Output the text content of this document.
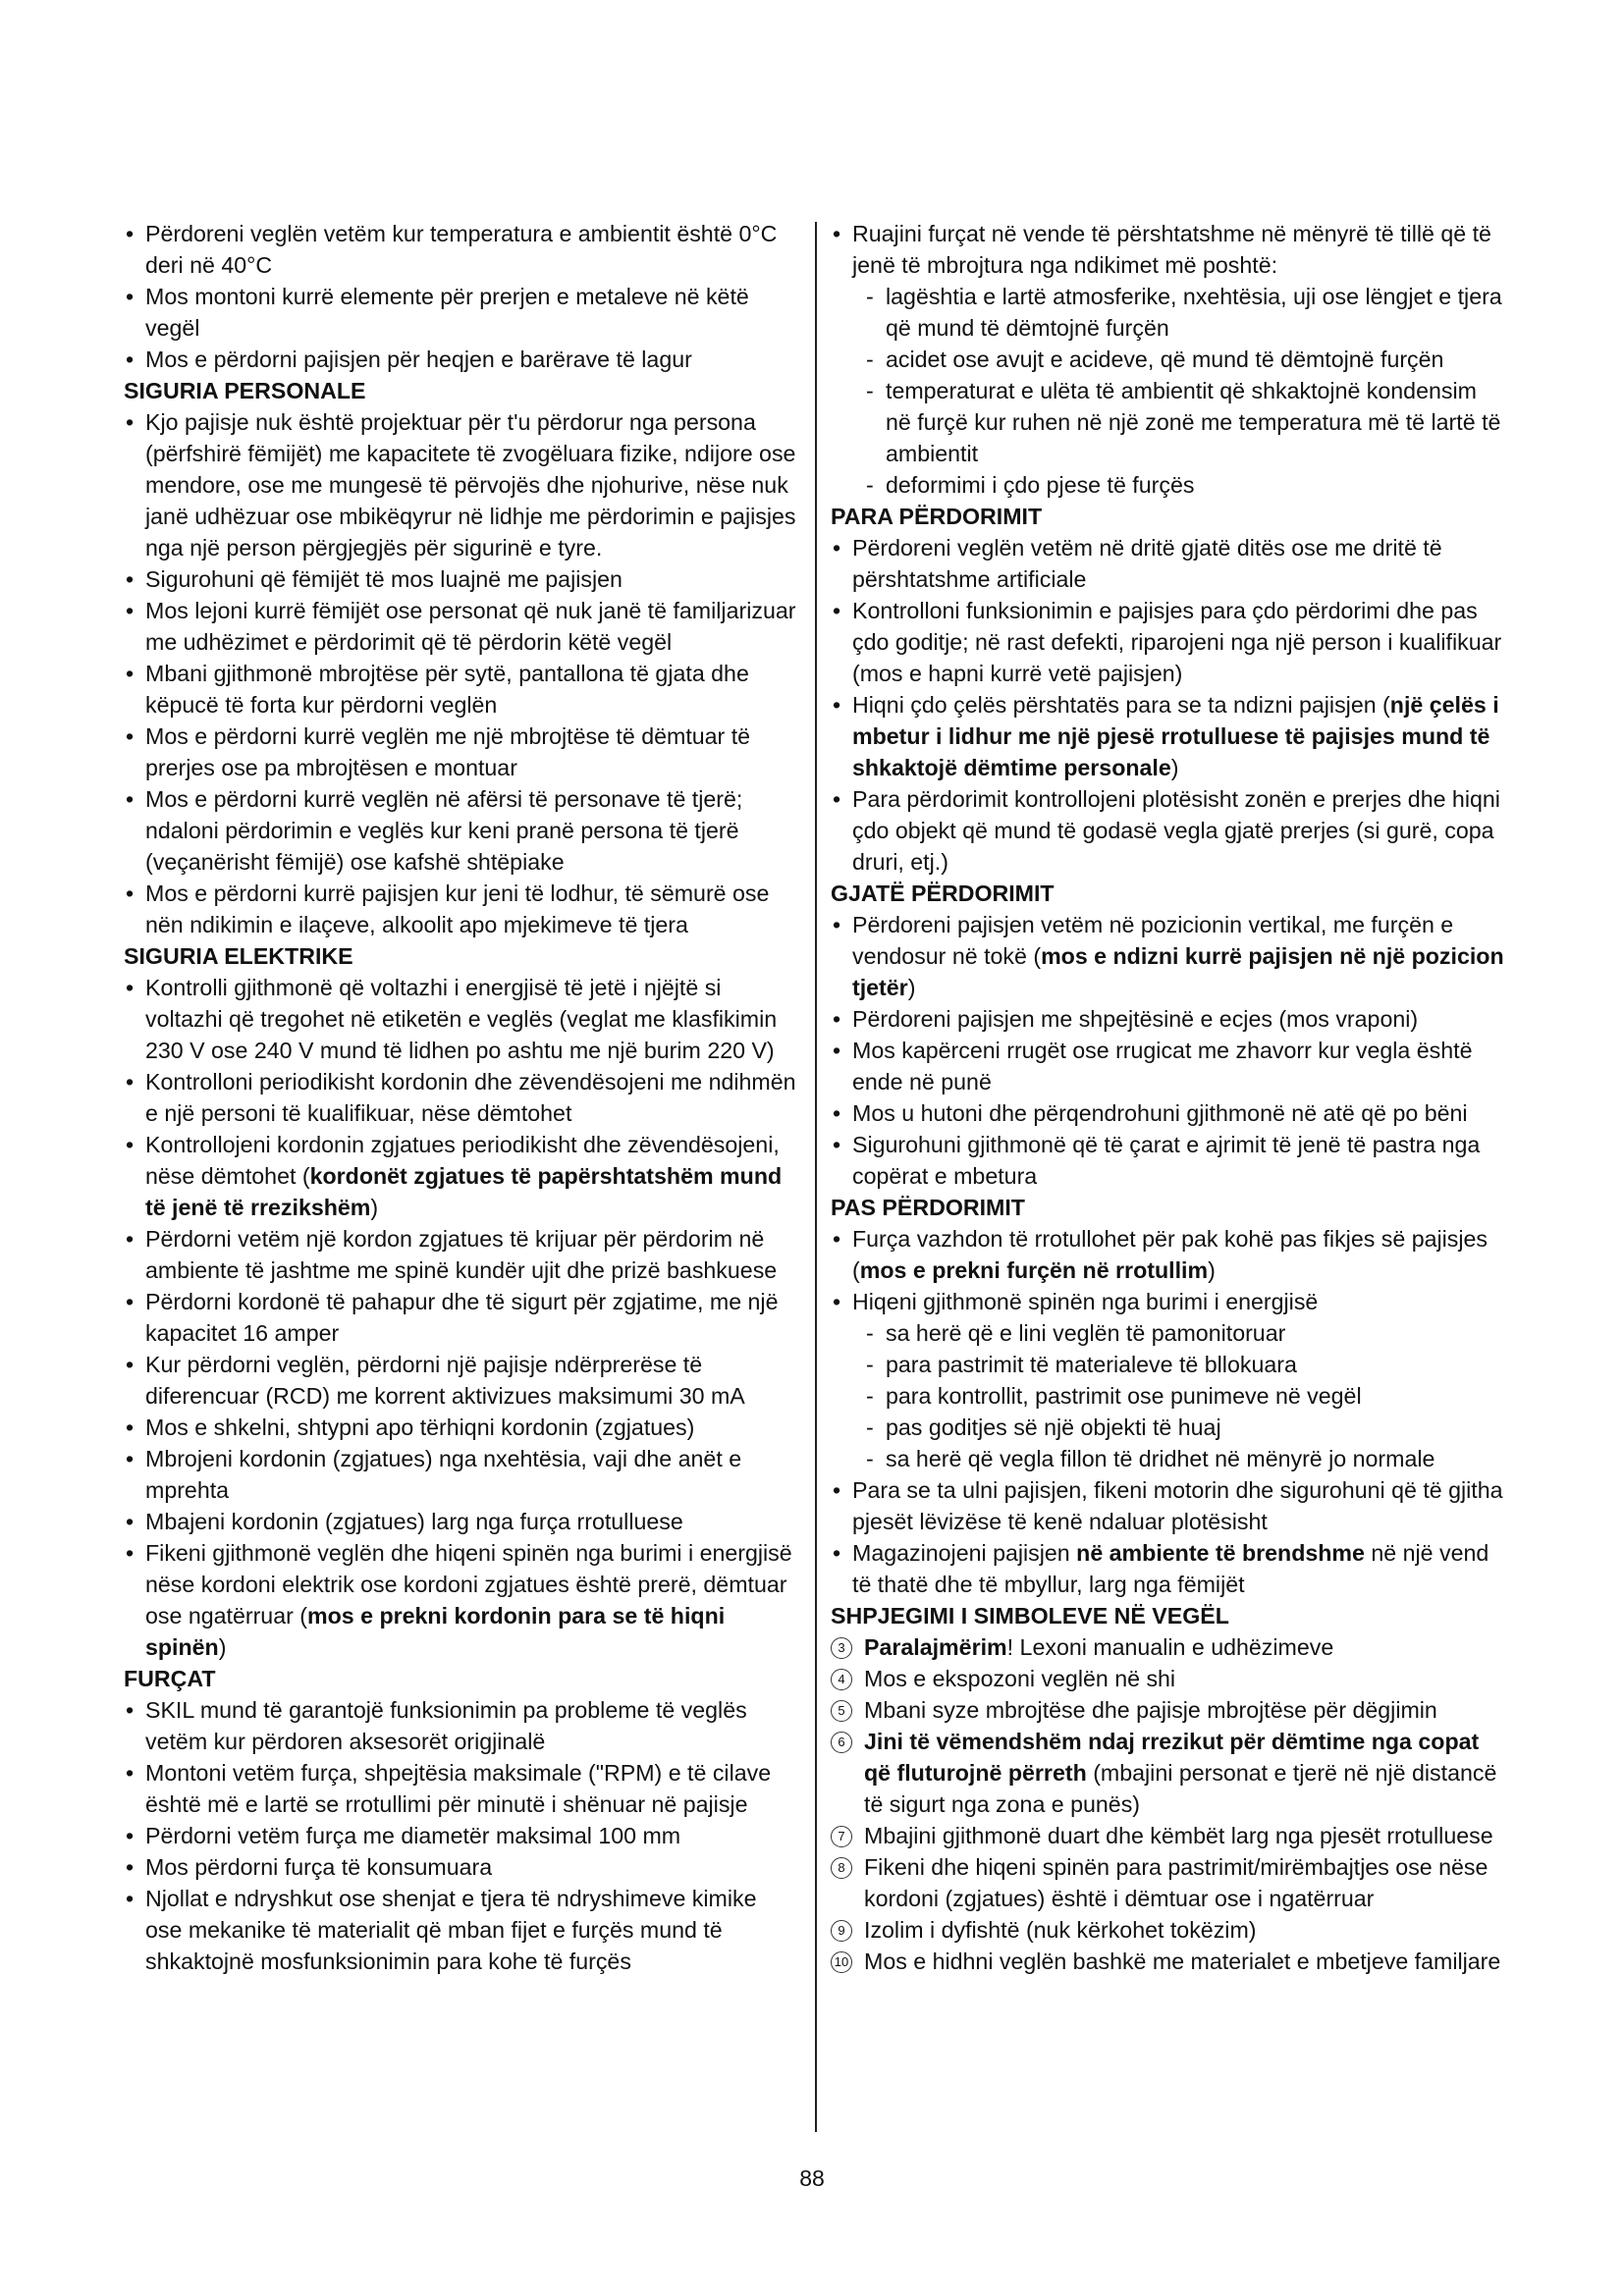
• Përdoreni veglën vetëm kur temperatura e ambientit është 0°C deri në 40°C
• Mos montoni kurrë elemente për prerjen e metaleve në këtë vegël
• Mos e përdorni pajisjen për heqjen e barërave të lagur
SIGURIA PERSONALE
• Kjo pajisje nuk është projektuar për t'u përdorur nga persona (përfshirë fëmijët) me kapacitete të zvogëluara fizike, ndijore ose mendore, ose me mungesë të përvojës dhe njohurive, nëse nuk janë udhëzuar ose mbikëqyrur në lidhje me përdorimin e pajisjes nga një person përgjegjës për sigurinë e tyre.
• Sigurohuni që fëmijët të mos luajnë me pajisjen
• Mos lejoni kurrë fëmijët ose personat që nuk janë të familjarizuar me udhëzimet e përdorimit që të përdorin këtë vegël
• Mbani gjithmonë mbrojtëse për sytë, pantallona të gjata dhe këpucë të forta kur përdorni veglën
• Mos e përdorni kurrë veglën me një mbrojtëse të dëmtuar të prerjes ose pa mbrojtësen e montuar
• Mos e përdorni kurrë veglën në afërsi të personave të tjerë; ndaloni përdorimin e veglës kur keni pranë persona të tjerë (veçanërisht fëmijë) ose kafshë shtëpiake
• Mos e përdorni kurrë pajisjen kur jeni të lodhur, të sëmurë ose nën ndikimin e ilaçeve, alkoolit apo mjekimeve të tjera
SIGURIA ELEKTRIKE
• Kontrolli gjithmonë që voltazhi i energjisë të jetë i njëjtë si voltazhi që tregohet në etiketën e veglës (veglat me klasfikimin 230 V ose 240 V mund të lidhen po ashtu me një burim 220 V)
• Kontrolloni periodikisht kordonin dhe zëvendësojeni me ndihmën e një personi të kualifikuar, nëse dëmtohet
• Kontrollojeni kordonin zgjatues periodikisht dhe zëvendësojeni, nëse dëmtohet (kordonët zgjatues të papërshtatshëm mund të jenë të rrezikshëm)
• Përdorni vetëm një kordon zgjatues të krijuar për përdorim në ambiente të jashtme me spinë kundër ujit dhe prizë bashkuese
• Përdorni kordonë të pahapur dhe të sigurt për zgjatime, me një kapacitet 16 amper
• Kur përdorni veglën, përdorni një pajisje ndërprerëse të diferencuar (RCD) me korrent aktivizues maksimumi 30 mA
• Mos e shkelni, shtypni apo tërhiqni kordonin (zgjatues)
• Mbrojeni kordonin (zgjatues) nga nxehtësia, vaji dhe anët e mprehta
• Mbajeni kordonin (zgjatues) larg nga furça rrotulluese
• Fikeni gjithmonë veglën dhe hiqeni spinën nga burimi i energjisë nëse kordoni elektrik ose kordoni zgjatues është prerë, dëmtuar ose ngatërruar (mos e prekni kordonin para se të hiqni spinën)
FURÇAT
• SKIL mund të garantojë funksionimin pa probleme të veglës vetëm kur përdoren aksesorët origjinalë
• Montoni vetëm furça, shpejtësia maksimale ("RPM) e të cilave është më e lartë se rrotullimi për minutë i shënuar në pajisje
• Përdorni vetëm furça me diametër maksimal 100 mm
• Mos përdorni furça të konsumuara
• Njollat e ndryshkut ose shenjat e tjera të ndryshimeve kimike ose mekanike të materialit që mban fijet e furçës mund të shkaktojnë mosfunksionimin para kohe të furçës
• Ruajini furçat në vende të përshtatshme në mënyrë të tillë që të jenë të mbrojtura nga ndikimet më poshtë:
- lagështia e lartë atmosferike, nxehtësia, uji ose lëngjet e tjera që mund të dëmtojnë furçën
- acidet ose avujt e acideve, që mund të dëmtojnë furçën
- temperaturat e ulëta të ambientit që shkaktojnë kondensim në furçë kur ruhen në një zonë me temperatura më të lartë të ambientit
- deformimi i çdo pjese të furçës
PARA PËRDORIMIT
• Përdoreni veglën vetëm në dritë gjatë ditës ose me dritë të përshtatshme artificiale
• Kontrolloni funksionimin e pajisjes para çdo përdorimi dhe pas çdo goditje; në rast defekti, riparojeni nga një person i kualifikuar (mos e hapni kurrë vetë pajisjen)
• Hiqni çdo çelës përshtatës para se ta ndizni pajisjen (një çelës i mbetur i lidhur me një pjesë rrotulluese të pajisjes mund të shkaktojë dëmtime personale)
• Para përdorimit kontrollojeni plotësisht zonën e prerjes dhe hiqni çdo objekt që mund të godasë vegla gjatë prerjes (si gurë, copa druri, etj.)
GJATË PËRDORIMIT
• Përdoreni pajisjen vetëm në pozicionin vertikal, me furçën e vendosur në tokë (mos e ndizni kurrë pajisjen në një pozicion tjetër)
• Përdoreni pajisjen me shpejtësinë e ecjes (mos vraponi)
• Mos kapërceni rrugët ose rrugicat me zhavorr kur vegla është ende në punë
• Mos u hutoni dhe përqendrohuni gjithmonë në atë që po bëni
• Sigurohuni gjithmonë që të çarat e ajrimit të jenë të pastra nga copërat e mbetura
PAS PËRDORIMIT
• Furça vazhdon të rrotullohet për pak kohë pas fikjes së pajisjes (mos e prekni furçën në rrotullim)
• Hiqeni gjithmonë spinën nga burimi i energjisë
- sa herë që e lini veglën të pamonitoruar
- para pastrimit të materialeve të bllokuara
- para kontrollit, pastrimit ose punimeve në vegël
- pas goditjes së një objekti të huaj
- sa herë që vegla fillon të dridhet në mënyrë jo normale
• Para se ta ulni pajisjen, fikeni motorin dhe sigurohuni që të gjitha pjesët lëvizëse të kenë ndaluar plotësisht
• Magazinojeni pajisjen në ambiente të brendshme në një vend të thatë dhe të mbyllur, larg nga fëmijët
SHPJEGIMI I SIMBOLEVE NË VEGËL
3 Paralajmërim! Lexoni manualin e udhëzimeve
4 Mos e ekspozoni veglën në shi
5 Mbani syze mbrojtëse dhe pajisje mbrojtëse për dëgjimin
6 Jini të vëmendshëm ndaj rrezikut për dëmtime nga copat që fluturojnë përreth (mbajini personat e tjerë në një distancë të sigurt nga zona e punës)
7 Mbajini gjithmonë duart dhe këmbët larg nga pjesët rrotulluese
8 Fikeni dhe hiqeni spinën para pastrimit/mirëmbajtjes ose nëse kordoni (zgjatues) është i dëmtuar ose i ngatërruar
9 Izolim i dyfishtë (nuk kërkohet tokëzim)
10 Mos e hidhni veglën bashkë me materialet e mbetjeve familjare
88
